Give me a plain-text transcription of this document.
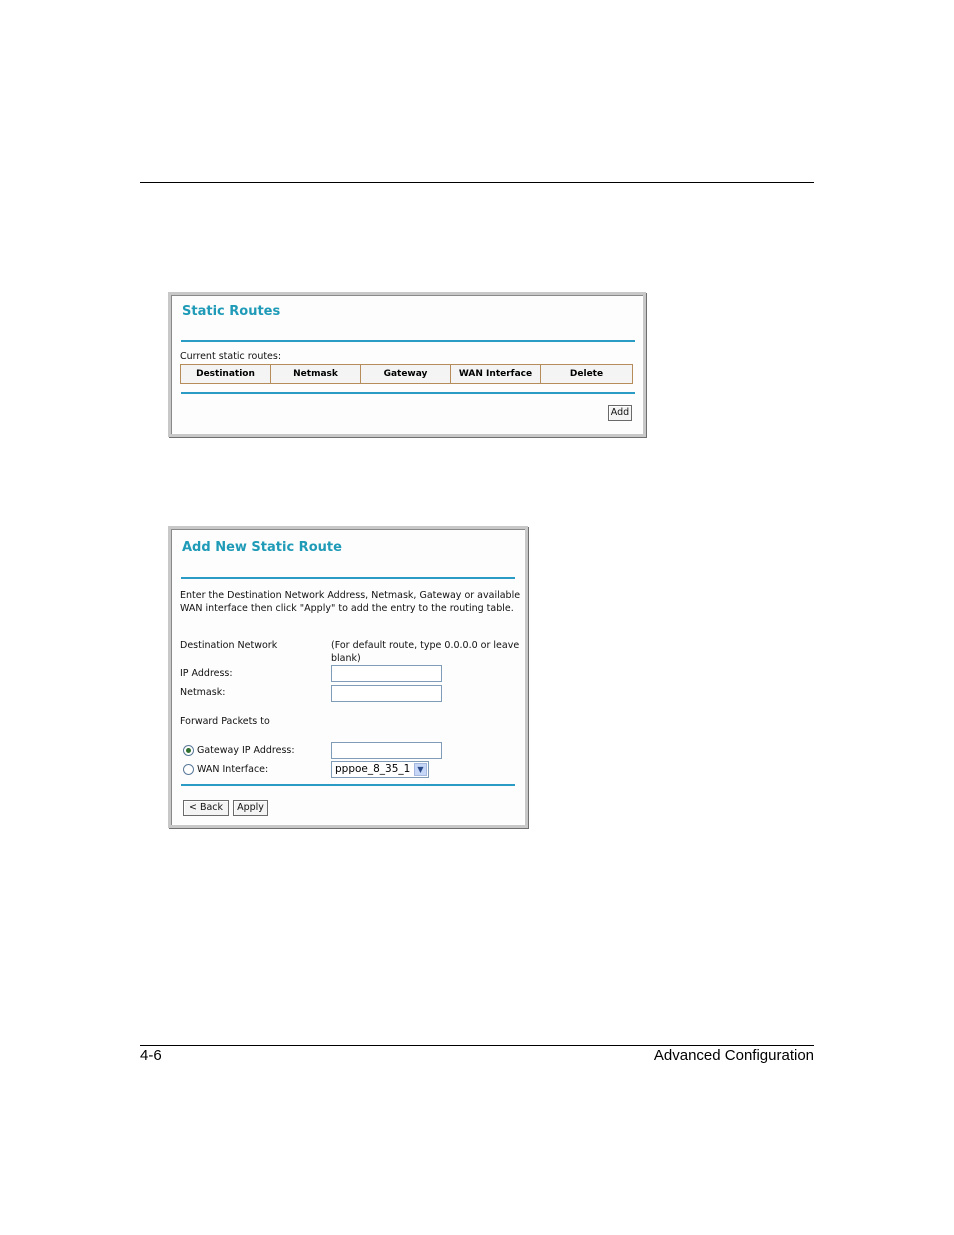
Static Routes
Current static routes:
Destination	Netmask	Gateway	WAN Interface	Delete
Add
Add New Static Route
Enter the Destination Network Address, Netmask, Gateway or available
WAN interface then click "Apply" to add the entry to the routing table.
Destination Network	(For default route, type 0.0.0.0 or leave
blank)
IP Address:
Netmask:
Forward Packets to
Gateway IP Address:
WAN Interface:	pppoe_8_35_1 ▼
< Back	Apply
4-6	Advanced Configuration
